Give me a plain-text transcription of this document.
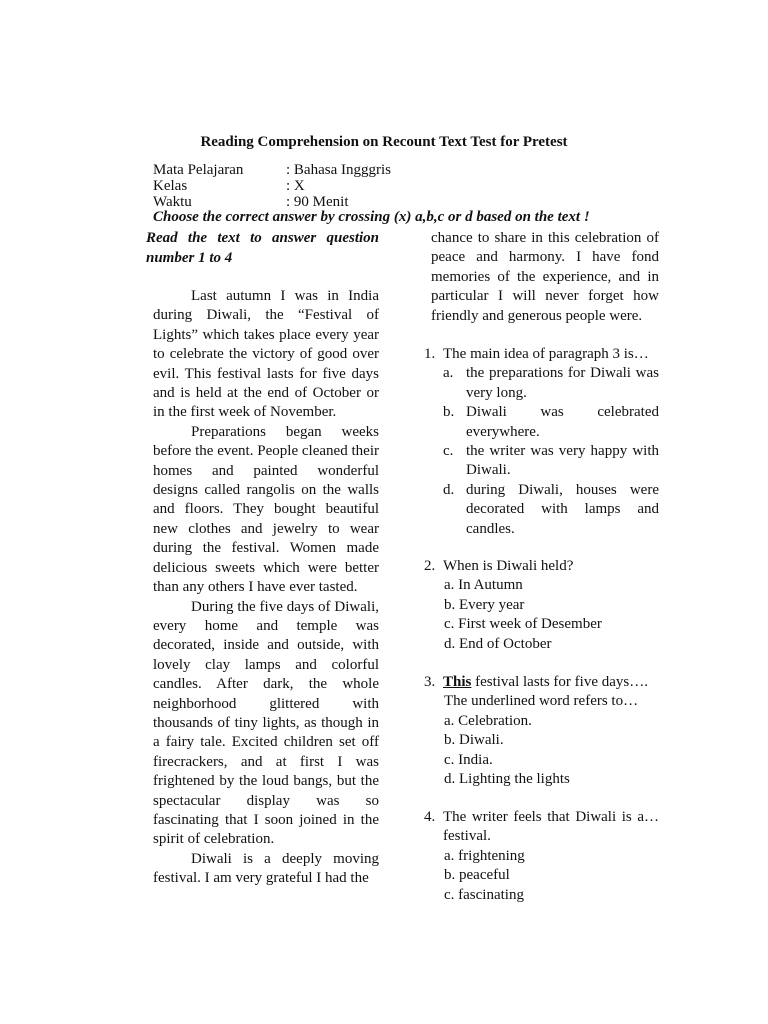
Reading Comprehension on Recount Text Test for Pretest
Mata Pelajaran	: Bahasa Ingggris
Kelas	: X
Waktu	: 90 Menit
Choose the correct answer by crossing (x) a,b,c or d based on the text !
Read the text to answer question number 1 to 4

Last autumn I was in India during Diwali, the “Festival of Lights” which takes place every year to celebrate the victory of good over evil. This festival lasts for five days and is held at the end of October or in the first week of November.

Preparations began weeks before the event. People cleaned their homes and painted wonderful designs called rangolis on the walls and floors. They bought beautiful new clothes and jewelry to wear during the festival. Women made delicious sweets which were better than any others I have ever tasted.

During the five days of Diwali, every home and temple was decorated, inside and outside, with lovely clay lamps and colorful candles. After dark, the whole neighborhood glittered with thousands of tiny lights, as though in a fairy tale. Excited children set off firecrackers, and at first I was frightened by the loud bangs, but the spectacular display was so fascinating that I soon joined in the spirit of celebration.

Diwali is a deeply moving festival. I am very grateful I had the

chance to share in this celebration of peace and harmony. I have fond memories of the experience, and in particular I will never forget how friendly and generous people were.

1. The main idea of paragraph 3 is…
a. the preparations for Diwali was very long.
b. Diwali was celebrated everywhere.
c. the writer was very happy with Diwali.
d. during Diwali, houses were decorated with lamps and candles.
2. When is Diwali held?
a. In Autumn
b. Every year
c. First week of Desember
d. End of October
3. This festival lasts for five days….
The underlined word refers to…
a. Celebration.
b. Diwali.
c. India.
d. Lighting the lights
4. The writer feels that Diwali is a…festival.
a. frightening
b. peaceful
c. fascinating
